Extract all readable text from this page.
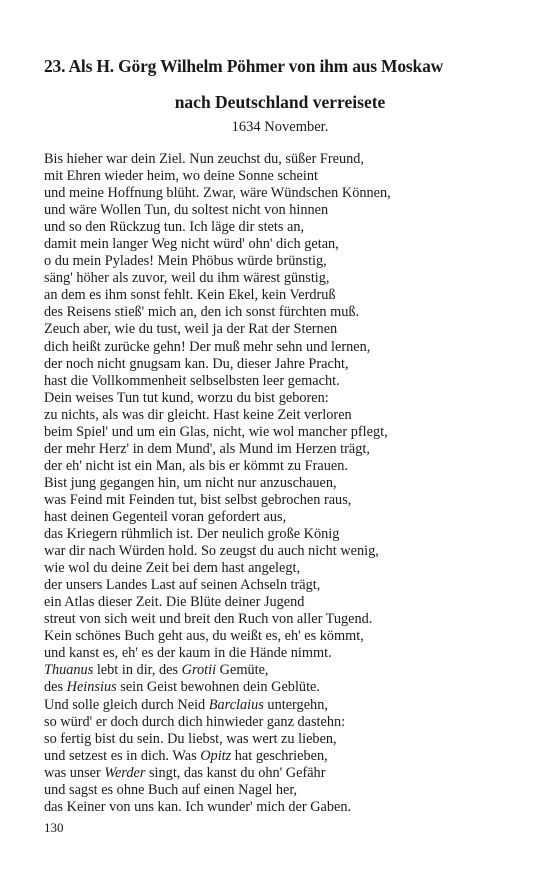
23. Als H. Görg Wilhelm Pöhmer von ihm aus Moskaw
nach Deutschland verreisete
1634 November.
Bis hieher war dein Ziel. Nun zeuchst du, süßer Freund,
mit Ehren wieder heim, wo deine Sonne scheint
und meine Hoffnung blüht. Zwar, wäre Wündschen Können,
und wäre Wollen Tun, du soltest nicht von hinnen
und so den Rückzug tun. Ich läge dir stets an,
damit mein langer Weg nicht würd' ohn' dich getan,
o du mein Pylades! Mein Phöbus würde brünstig,
säng' höher als zuvor, weil du ihm wärest günstig,
an dem es ihm sonst fehlt. Kein Ekel, kein Verdruß
des Reisens stieß' mich an, den ich sonst fürchten muß.
Zeuch aber, wie du tust, weil ja der Rat der Sternen
dich heißt zurücke gehn! Der muß mehr sehn und lernen,
der noch nicht gnugsam kan. Du, dieser Jahre Pracht,
hast die Vollkommenheit selbselbsten leer gemacht.
Dein weises Tun tut kund, worzu du bist geboren:
zu nichts, als was dir gleicht. Hast keine Zeit verloren
beim Spiel' und um ein Glas, nicht, wie wol mancher pflegt,
der mehr Herz' in dem Mund', als Mund im Herzen trägt,
der eh' nicht ist ein Man, als bis er kömmt zu Frauen.
Bist jung gegangen hin, um nicht nur anzuschauen,
was Feind mit Feinden tut, bist selbst gebrochen raus,
hast deinen Gegenteil voran gefordert aus,
das Kriegern rühmlich ist. Der neulich große König
war dir nach Würden hold. So zeugst du auch nicht wenig,
wie wol du deine Zeit bei dem hast angelegt,
der unsers Landes Last auf seinen Achseln trägt,
ein Atlas dieser Zeit. Die Blüte deiner Jugend
streut von sich weit und breit den Ruch von aller Tugend.
Kein schönes Buch geht aus, du weißt es, eh' es kömmt,
und kanst es, eh' es der kaum in die Hände nimmt.
Thuanus lebt in dir, des Grotii Gemüte,
des Heinsius sein Geist bewohnen dein Geblüte.
Und solle gleich durch Neid Barclaius untergehn,
so würd' er doch durch dich hinwieder ganz dastehn:
so fertig bist du sein. Du liebst, was wert zu lieben,
und setzest es in dich. Was Opitz hat geschrieben,
was unser Werder singt, das kanst du ohn' Gefähr
und sagst es ohne Buch auf einen Nagel her,
das Keiner von uns kan. Ich wunder' mich der Gaben.
130
